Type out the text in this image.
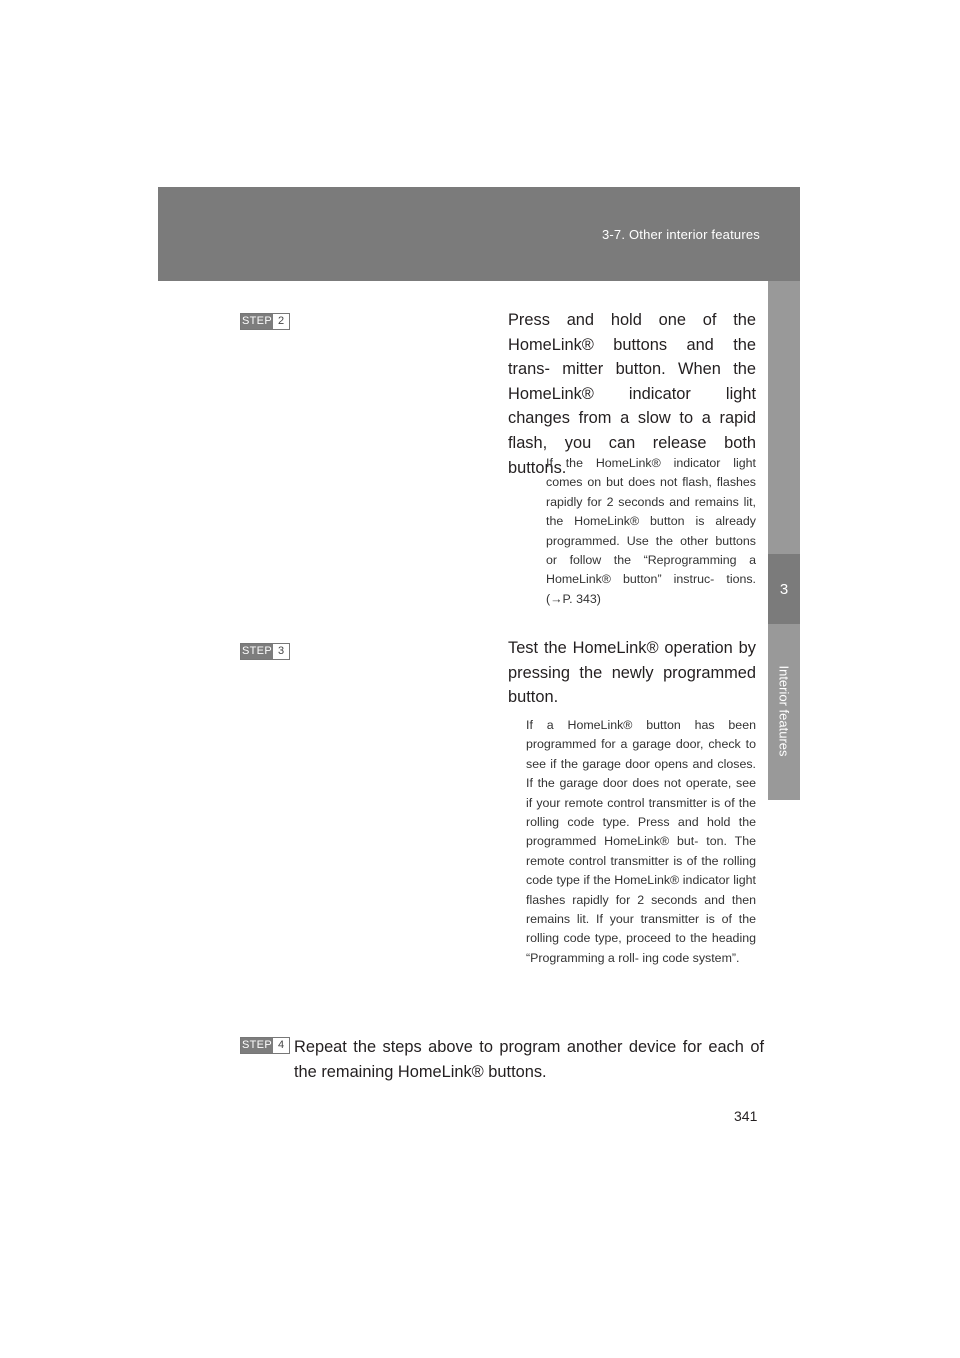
3-7. Other interior features
3
Interior features
STEP 2	Press and hold one of the HomeLink® buttons and the trans- mitter button. When the HomeLink® indicator light changes from a slow to a rapid flash, you can release both buttons.
If the HomeLink® indicator light comes on but does not flash, flashes rapidly for 2 seconds and remains lit, the HomeLink® button is already programmed. Use the other buttons or follow the “Reprogramming a HomeLink® button” instruc- tions. (→P. 343)
STEP 3	Test the HomeLink® operation by pressing the newly programmed button.
If a HomeLink® button has been programmed for a garage door, check to see if the garage door opens and closes. If the garage door does not operate, see if your remote control transmitter is of the rolling code type. Press and hold the programmed HomeLink® but- ton. The remote control transmitter is of the rolling code type if the HomeLink® indicator light flashes rapidly for 2 seconds and then remains lit. If your transmitter is of the rolling code type, proceed to the heading “Programming a roll- ing code system”.
STEP 4 Repeat the steps above to program another device for each of the remaining HomeLink® buttons.
341
